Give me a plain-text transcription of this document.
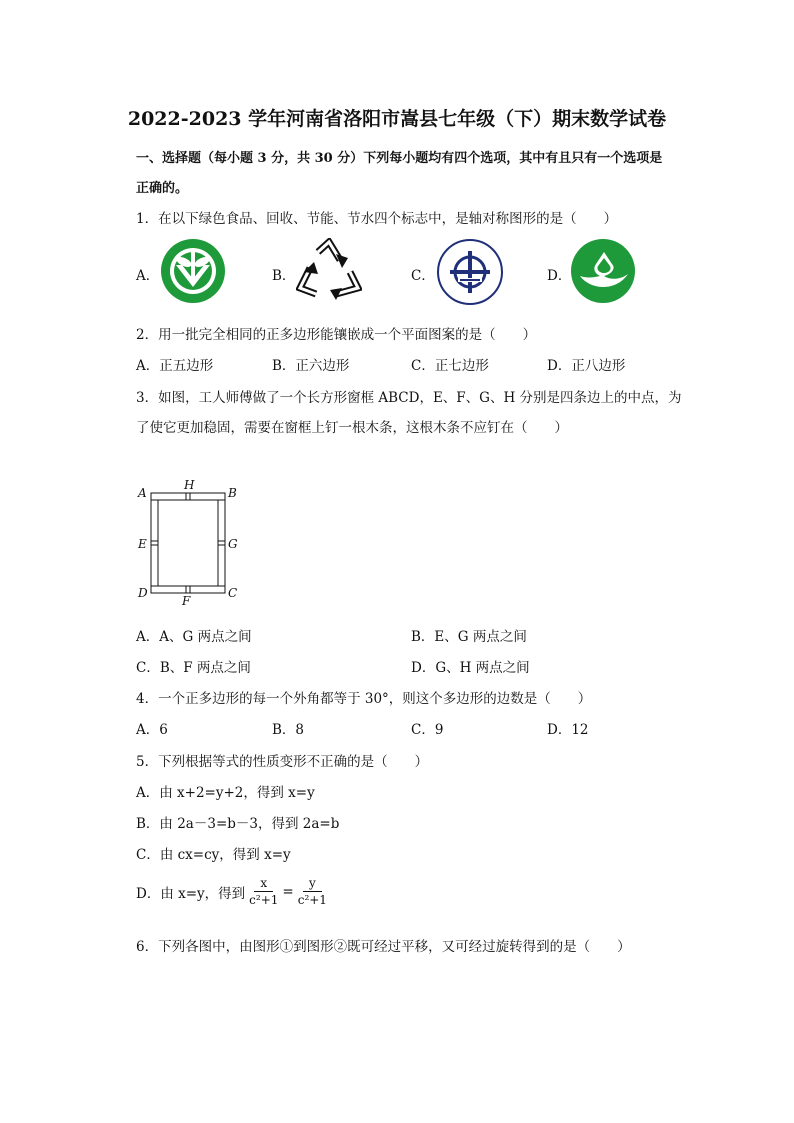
2022-2023 学年河南省洛阳市嵩县七年级（下）期末数学试卷
一、选择题（每小题 3 分，共 30 分）下列每小题均有四个选项，其中有且只有一个选项是
正确的。
1．在以下绿色食品、回收、节能、节水四个标志中，是轴对称图形的是（　　）
A．	B．	C．	D．
2．用一批完全相同的正多边形能镶嵌成一个平面图案的是（　　）
A．正五边形	B．正六边形	C．正七边形	D．正八边形
3．如图，工人师傅做了一个长方形窗框 ABCD，E、F、G、H 分别是四条边上的中点，为
了使它更加稳固，需要在窗框上钉一根木条，这根木条不应钉在（　　）
A
H
B
E	G
D
F
C
A．A、G 两点之间	B．E、G 两点之间
C．B、F 两点之间	D．G、H 两点之间
4．一个正多边形的每一个外角都等于 30°，则这个多边形的边数是（　　）
A．6	B．8	C．9	D．12
5．下列根据等式的性质变形不正确的是（　　）
A．由 x+2=y+2，得到 x=y
B．由 2a－3=b－3，得到 2a=b
C．由 cx=cy，得到 x=y
D．由 x=y，得到 $\frac{x}{\text{c²+1}} = \frac{y}{\text{c²+1}}$
6．下列各图中，由图形①到图形②既可经过平移，又可经过旋转得到的是（　　）
